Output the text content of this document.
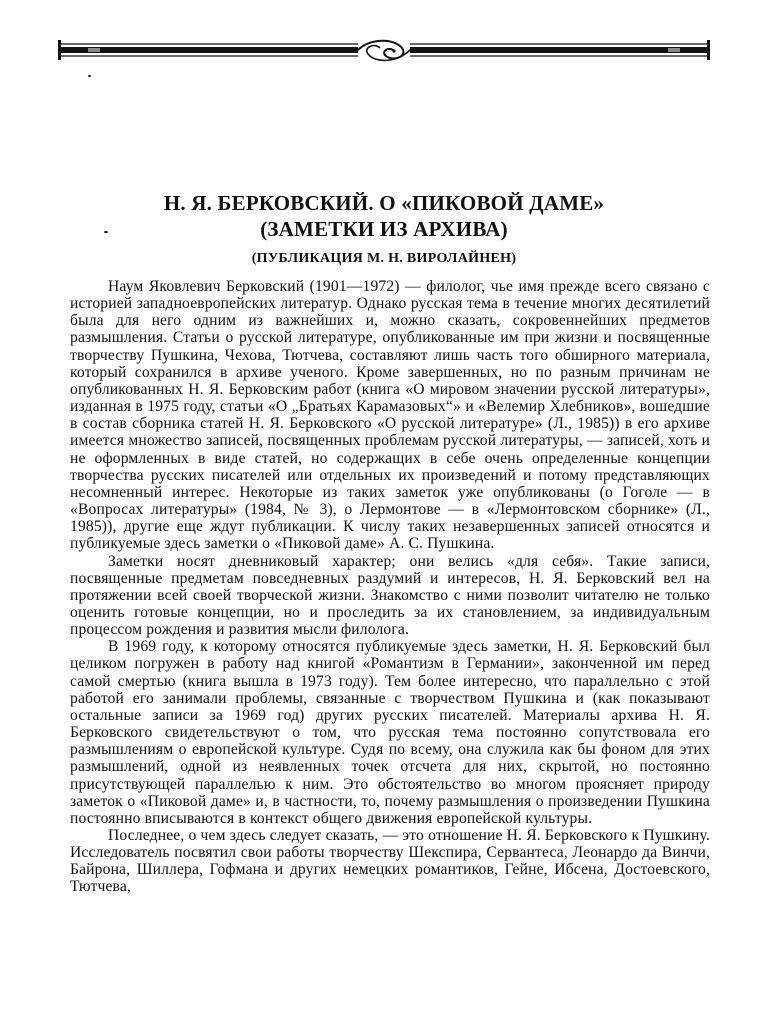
Н. Я. БЕРКОВСКИЙ. О «ПИКОВОЙ ДАМЕ»

(ЗАМЕТКИ ИЗ АРХИВА)

(ПУБЛИКАЦИЯ М. Н. ВИРОЛАЙНЕН)

Наум Яковлевич Берковский (1901—1972) — филолог, чье имя прежде всего связано с историей западноевропейских литератур. Однако русская тема в течение многих десятилетий была для него одним из важнейших и, можно сказать, сокровеннейших предметов размышления. Статьи о русской литературе, опубликованные им при жизни и посвященные творчеству Пушкина, Чехова, Тютчева, составляют лишь часть того обширного материала, который сохранился в архиве ученого. Кроме завершенных, но по разным причинам не опубликованных Н. Я. Берковским работ (книга «О мировом значении русской литературы», изданная в 1975 году, статьи «О „Братьях Карамазовых“» и «Велемир Хлебников», вошедшие в состав сборника статей Н. Я. Берковского «О русской литературе» (Л., 1985)) в его архиве имеется множество записей, посвященных проблемам русской литературы, — записей, хоть и не оформленных в виде статей, но содержащих в себе очень определенные концепции творчества русских писателей или отдельных их произведений и потому представляющих несомненный интерес. Некоторые из таких заметок уже опубликованы (о Гоголе — в «Вопросах литературы» (1984, № 3), о Лермонтове — в «Лермонтовском сборнике» (Л., 1985)), другие еще ждут публикации. К числу таких незавершенных записей относятся и публикуемые здесь заметки о «Пиковой даме» А. С. Пушкина.

Заметки носят дневниковый характер; они велись «для себя». Такие записи, посвященные предметам повседневных раздумий и интересов, Н. Я. Берковский вел на протяжении всей своей творческой жизни. Знакомство с ними позволит читателю не только оценить готовые концепции, но и проследить за их становлением, за индивидуальным процессом рождения и развития мысли филолога.

В 1969 году, к которому относятся публикуемые здесь заметки, Н. Я. Берковский был целиком погружен в работу над книгой «Романтизм в Германии», законченной им перед самой смертью (книга вышла в 1973 году). Тем более интересно, что параллельно с этой работой его занимали проблемы, связанные с творчеством Пушкина и (как показывают остальные записи за 1969 год) других русских писателей. Материалы архива Н. Я. Берковского свидетельствуют о том, что русская тема постоянно сопутствовала его размышлениям о европейской культуре. Судя по всему, она служила как бы фоном для этих размышлений, одной из неявленных точек отсчета для них, скрытой, но постоянно присутствующей параллелью к ним. Это обстоятельство во многом проясняет природу заметок о «Пиковой даме» и, в частности, то, почему размышления о произведении Пушкина постоянно вписываются в контекст общего движения европейской культуры.

Последнее, о чем здесь следует сказать, — это отношение Н. Я. Берковского к Пушкину. Исследователь посвятил свои работы творчеству Шекспира, Сервантеса, Леонардо да Винчи, Байрона, Шиллера, Гофмана и других немецких романтиков, Гейне, Ибсена, Достоевского, Тютчева,
